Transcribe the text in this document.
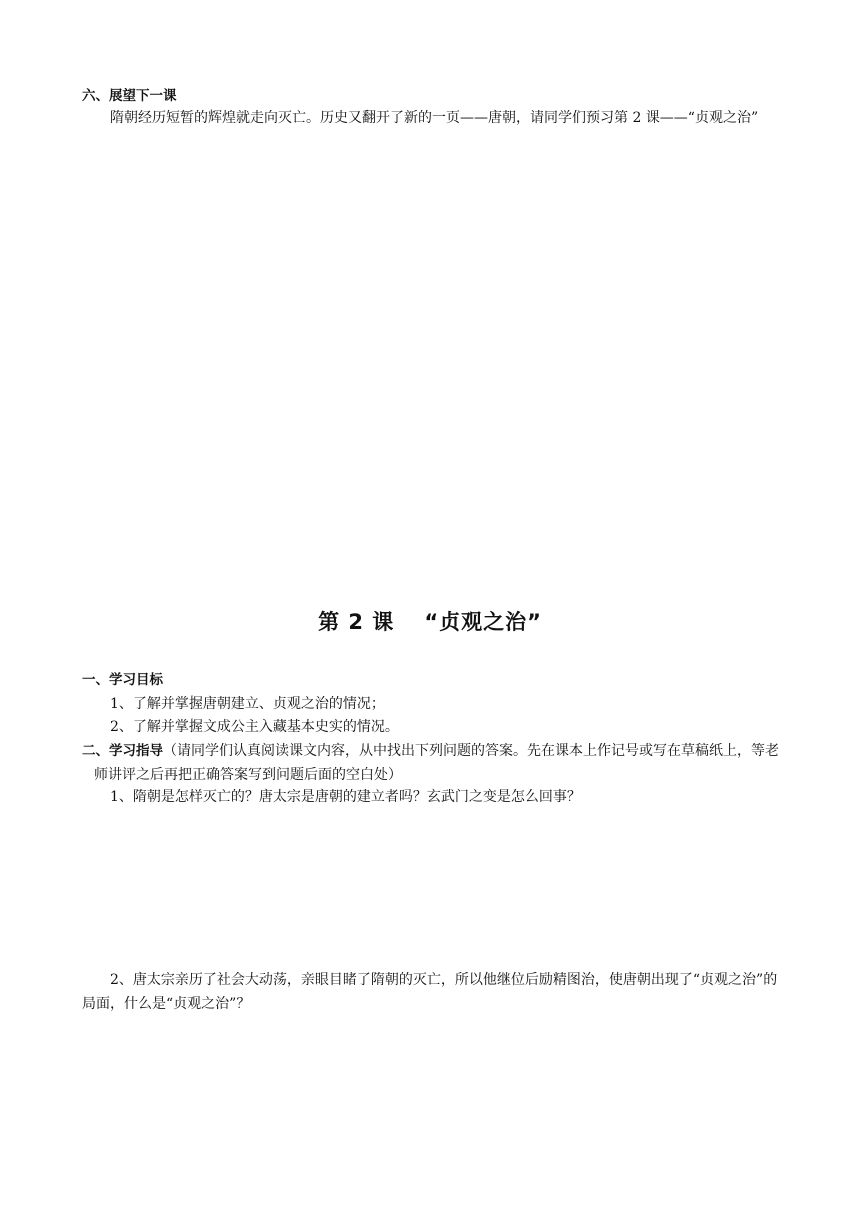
六、展望下一课
隋朝经历短暂的辉煌就走向灭亡。历史又翻开了新的一页——唐朝，请同学们预习第 2 课——“贞观之治”
第 2 课 “贞观之治”
一、学习目标
1、了解并掌握唐朝建立、贞观之治的情况；
2、了解并掌握文成公主入藏基本史实的情况。
二、学习指导（请同学们认真阅读课文内容，从中找出下列问题的答案。先在课本上作记号或写在草稿纸上，等老师讲评之后再把正确答案写到问题后面的空白处）
1、隋朝是怎样灭亡的？唐太宗是唐朝的建立者吗？玄武门之变是怎么回事？
2、唐太宗亲历了社会大动荡，亲眼目睹了隋朝的灭亡，所以他继位后励精图治，使唐朝出现了“贞观之治”的局面，什么是“贞观之治”？
